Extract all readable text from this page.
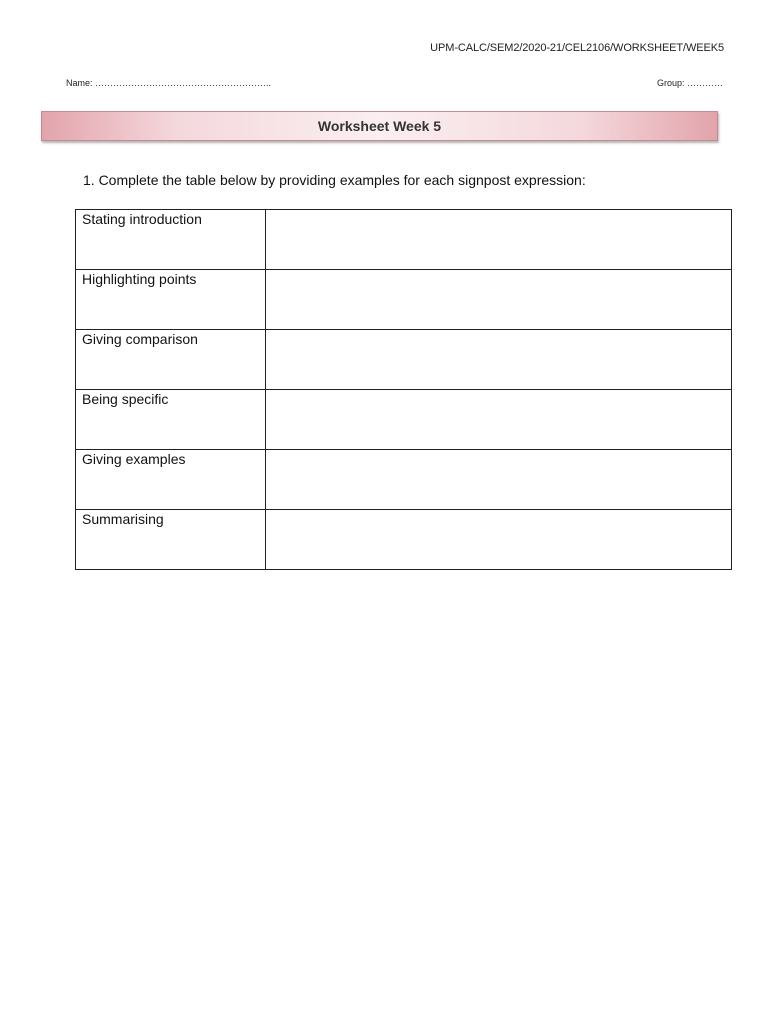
UPM-CALC/SEM2/2020-21/CEL2106/WORKSHEET/WEEK5
Name: …………………………………………………..	Group: …………
Worksheet Week 5
1. Complete the table below by providing examples for each signpost expression:
Stating introduction	

Highlighting points	

Giving comparison	

Being specific	

Giving examples	

Summarising	
